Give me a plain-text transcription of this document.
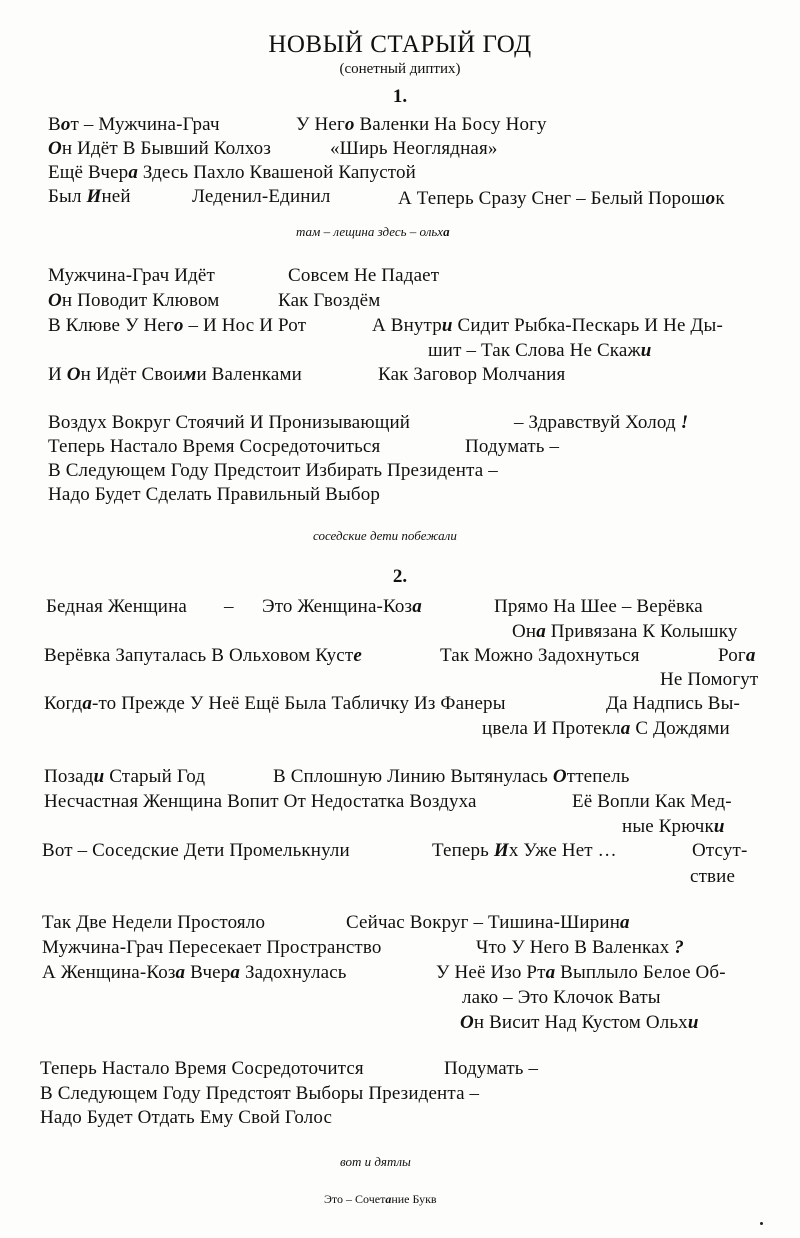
НОВЫЙ СТАРЫЙ ГОД
(сонетный диптих)
1.
Вот – Мужчина-Грач	У Него Валенки На Босу Ногу
Он Идёт В Бывший Колхоз	«Ширь Неоглядная»
Ещё Вчера Здесь Пахло Квашеной Капустой
Был Иней	Леденил-Единил	А Теперь Сразу Снег – Белый Порошок
там – лещина здесь – ольха
Мужчина-Грач Идёт	Совсем Не Падает
Он Поводит Клювом	Как Гвоздём
В Клюве У Него – И Нос И Рот	А Внутри Сидит Рыбка-Пескарь И Не Ды-
шит – Так Слова Не Скажи
И Он Идёт Своими Валенками	Как Заговор Молчания
Воздух Вокруг Стоячий И Пронизывающий	– Здравствуй Холод !
Теперь Настало Время Сосредоточиться	Подумать –
В Следующем Году Предстоит Избирать Президента –
Надо Будет Сделать Правильный Выбор
соседские дети побежали
2.
Бедная Женщина – Это Женщина-Коза	Прямо На Шее – Верёвка
Она Привязана К Колышку
Верёвка Запуталась В Ольховом Кусте	Так Можно Задохнуться	Рога
Не Помогут
Когда-то Прежде У Неё Ещё Была Табличку Из Фанеры	Да Надпись Вы-
цвела И Протекла С Дождями
Позади Старый Год	В Сплошную Линию Вытянулась Оттепель
Несчастная Женщина Вопит От Недостатка Воздуха	Её Вопли Как Мед-
ные Крючки
Вот – Соседские Дети Промелькнули	Теперь Их Уже Нет …	Отсут-
ствие
Так Две Недели Простояло	Сейчас Вокруг – Тишина-Ширина
Мужчина-Грач Пересекает Пространство	Что У Него В Валенках ?
А Женщина-Коза Вчера Задохнулась	У Неё Изо Рта Выплыло Белое Об-
лако – Это Клочок Ваты
Он Висит Над Кустом Ольхи
Теперь Настало Время Сосредоточится	Подумать –
В Следующем Году Предстоят Выборы Президента –
Надо Будет Отдать Ему Свой Голос
вот и дятлы
Это – Сочетание Букв
